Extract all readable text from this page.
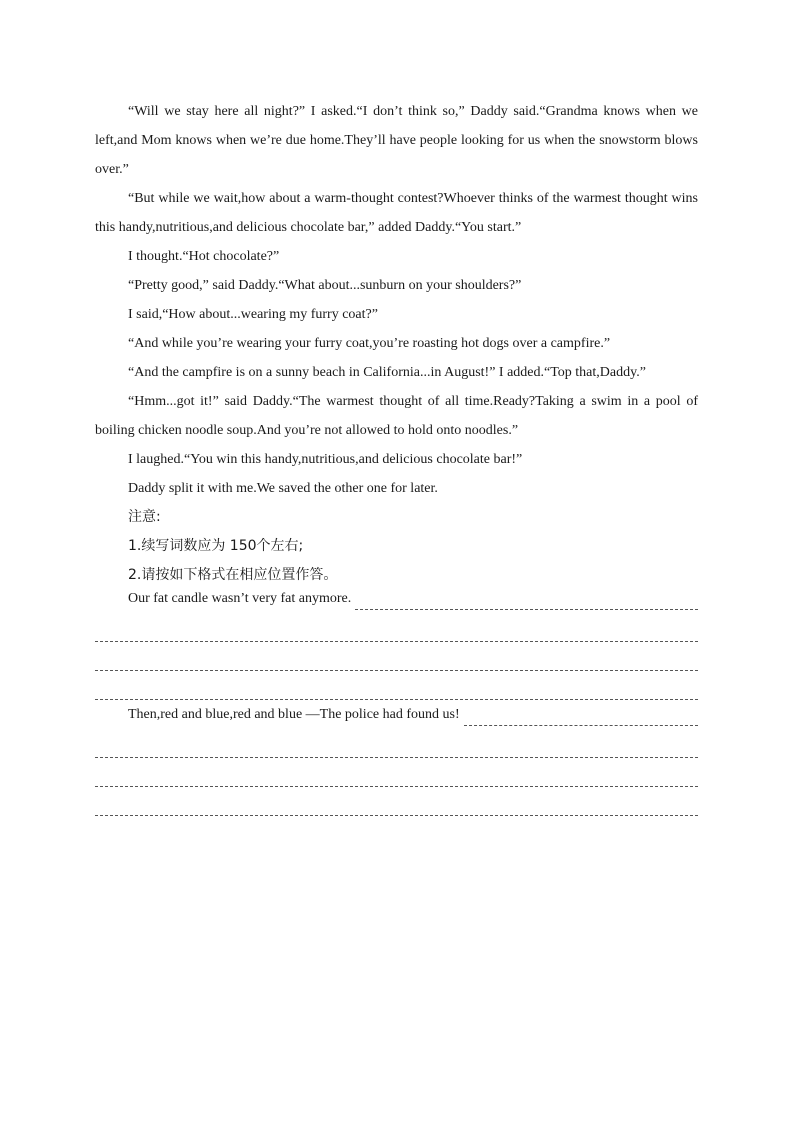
“Will we stay here all night?” I asked.“I don’t think so,” Daddy said.“Grandma knows when we left,and Mom knows when we’re due home.They’ll have people looking for us when the snowstorm blows over.”

“But while we wait,how about a warm-thought contest?Whoever thinks of the warmest thought wins this handy,nutritious,and delicious chocolate bar,” added Daddy.“You start.”

I thought.“Hot chocolate?”

“Pretty good,” said Daddy.“What about...sunburn on your shoulders?”

I said,“How about...wearing my furry coat?”

“And while you’re wearing your furry coat,you’re roasting hot dogs over a campfire.”

“And the campfire is on a sunny beach in California...in August!” I added.“Top that,Daddy.”

“Hmm...got it!” said Daddy.“The warmest thought of all time.Ready?Taking a swim in a pool of boiling chicken noodle soup.And you’re not allowed to hold onto noodles.”

I laughed.“You win this handy,nutritious,and delicious chocolate bar!”

Daddy split it with me.We saved the other one for later.

注意:

1.续写词数应为 150个左右;

2.请按如下格式在相应位置作答。

Our fat candle wasn’t very fat anymore.
Then,red and blue,red and blue —The police had found us!
